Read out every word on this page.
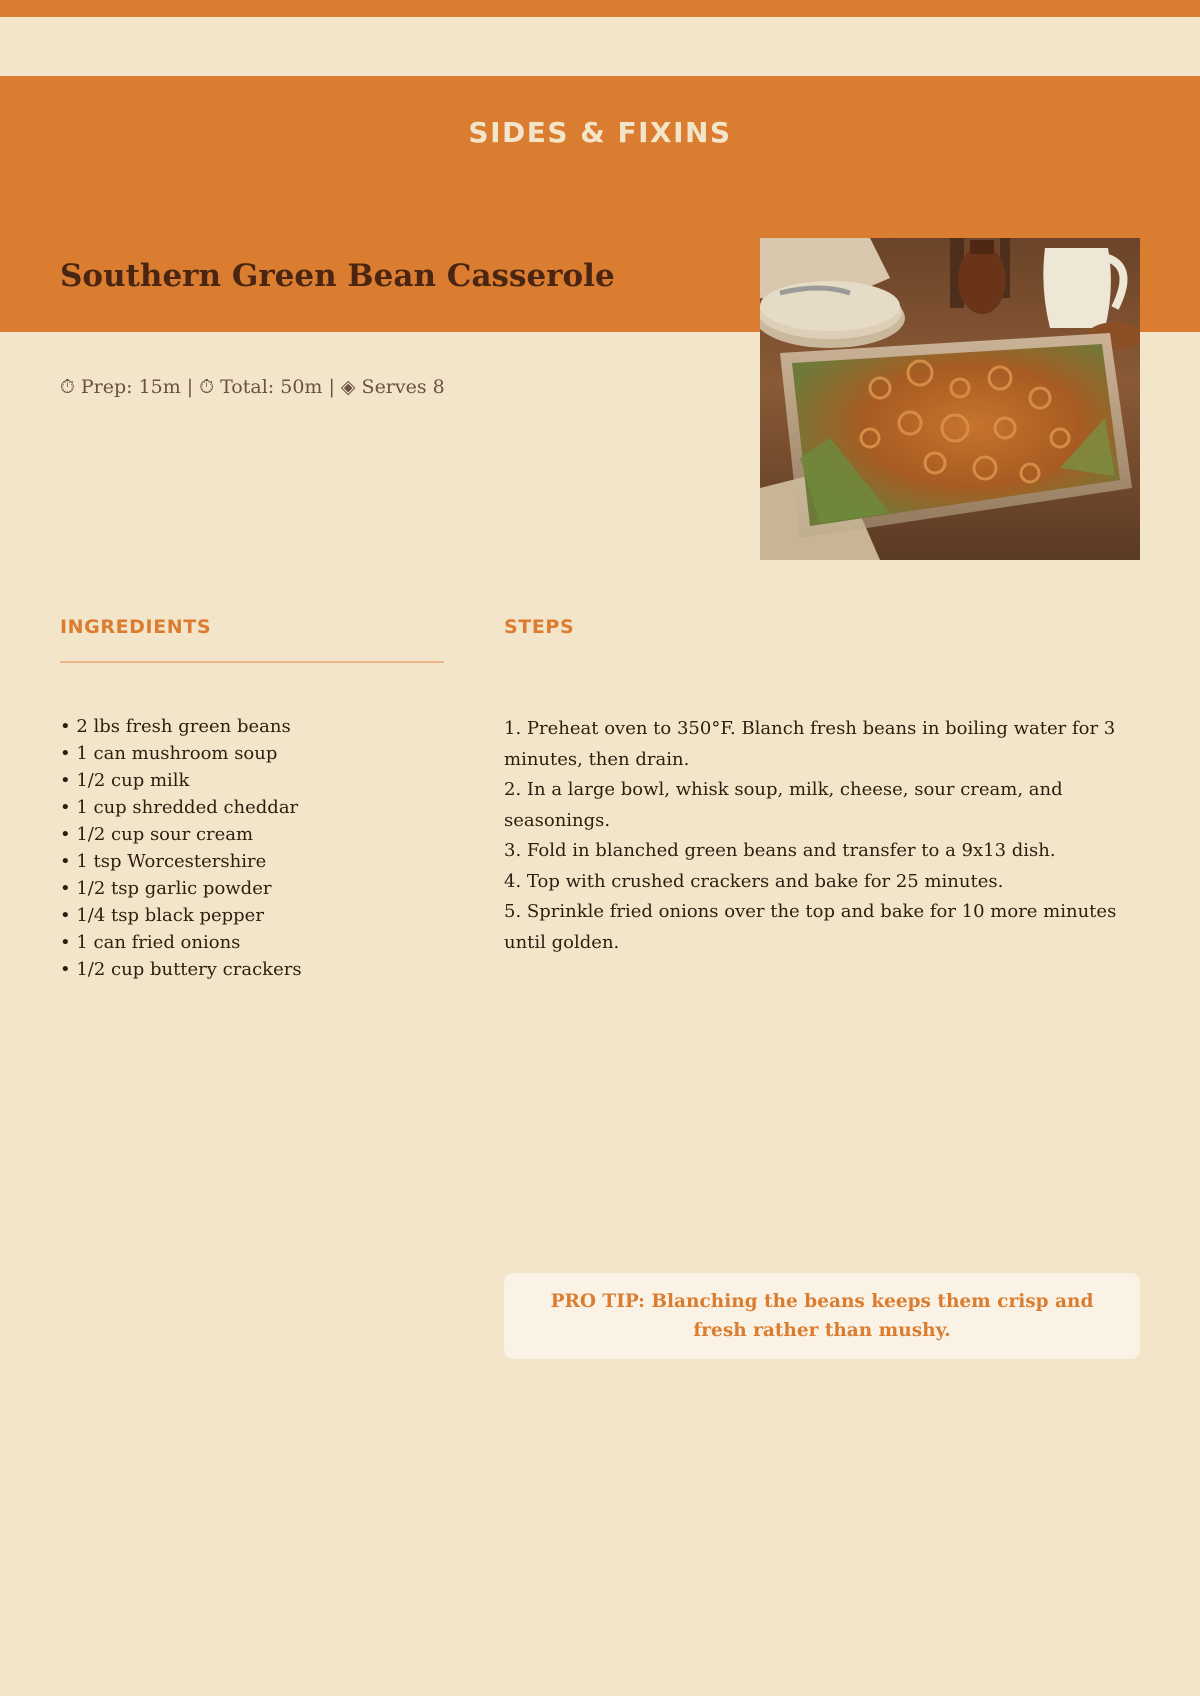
SIDES & FIXINS
Southern Green Bean Casserole
⏱ Prep: 15m | ⏱ Total: 50m | ◈ Serves 8
INGREDIENTS
• 2 lbs fresh green beans
• 1 can mushroom soup
• 1/2 cup milk
• 1 cup shredded cheddar
• 1/2 cup sour cream
• 1 tsp Worcestershire
• 1/2 tsp garlic powder
• 1/4 tsp black pepper
• 1 can fried onions
• 1/2 cup buttery crackers
STEPS
1. Preheat oven to 350°F. Blanch fresh beans in boiling water for 3 minutes, then drain.
2. In a large bowl, whisk soup, milk, cheese, sour cream, and seasonings.
3. Fold in blanched green beans and transfer to a 9x13 dish.
4. Top with crushed crackers and bake for 25 minutes.
5. Sprinkle fried onions over the top and bake for 10 more minutes until golden.
PRO TIP: Blanching the beans keeps them crisp and fresh rather than mushy.
